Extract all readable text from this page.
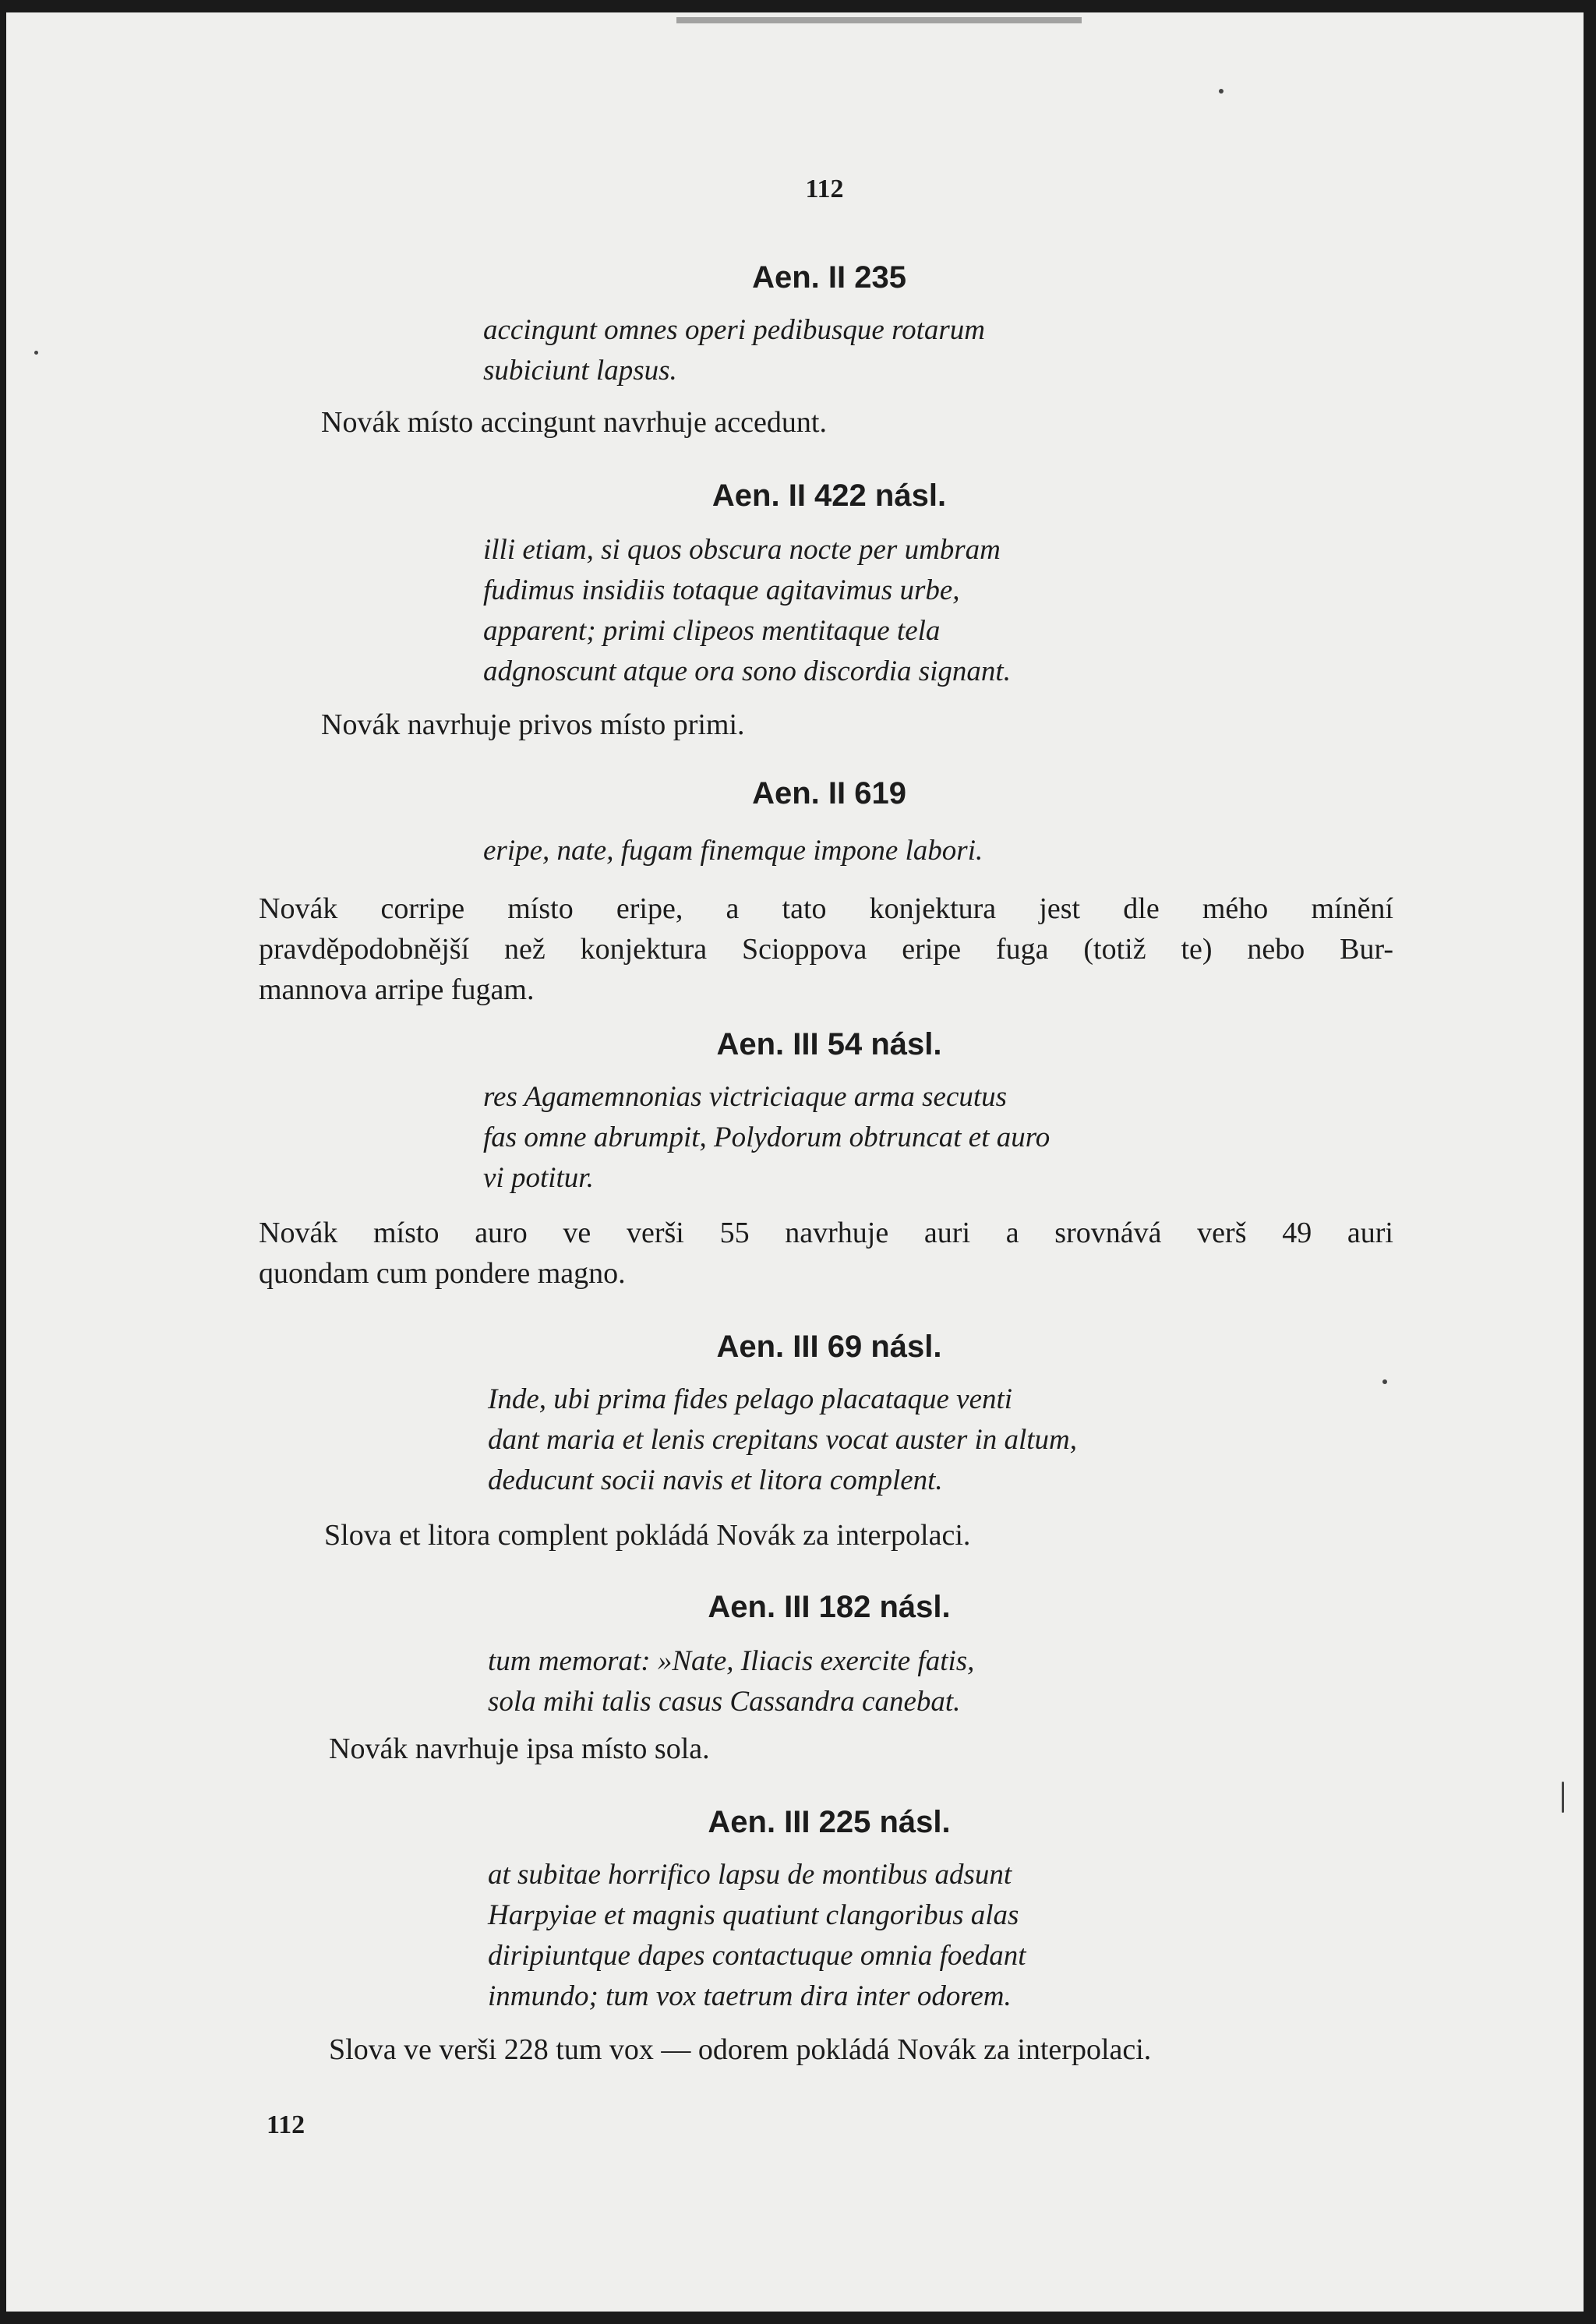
112
Aen. II 235
accingunt omnes operi pedibusque rotarum
subiciunt lapsus.
Novák místo accingunt navrhuje accedunt.
Aen. II 422 násl.
illi etiam, si quos obscura nocte per umbram
fudimus insidiis totaque agitavimus urbe,
apparent; primi clipeos mentitaque tela
adgnoscunt atque ora sono discordia signant.
Novák navrhuje privos místo primi.
Aen. II 619
eripe, nate, fugam finemque impone labori.
Novák corripe místo eripe, a tato konjektura jest dle mého mínění
pravděpodobnější než konjektura Scioppova eripe fuga (totiž te) nebo Bur-
mannova arripe fugam.
Aen. III 54 násl.
res Agamemnonias victriciaque arma secutus
fas omne abrumpit, Polydorum obtruncat et auro
vi potitur.
Novák místo auro ve verši 55 navrhuje auri a srovnává verš 49 auri
quondam cum pondere magno.
Aen. III 69 násl.
Inde, ubi prima fides pelago placataque venti
dant maria et lenis crepitans vocat auster in altum,
deducunt socii navis et litora complent.
Slova et litora complent pokládá Novák za interpolaci.
Aen. III 182 násl.
tum memorat: »Nate, Iliacis exercite fatis,
sola mihi talis casus Cassandra canebat.
Novák navrhuje ipsa místo sola.
Aen. III 225 násl.
at subitae horrifico lapsu de montibus adsunt
Harpyiae et magnis quatiunt clangoribus alas
diripiuntque dapes contactuque omnia foedant
inmundo; tum vox taetrum dira inter odorem.
Slova ve verši 228 tum vox — odorem pokládá Novák za interpolaci.
112
